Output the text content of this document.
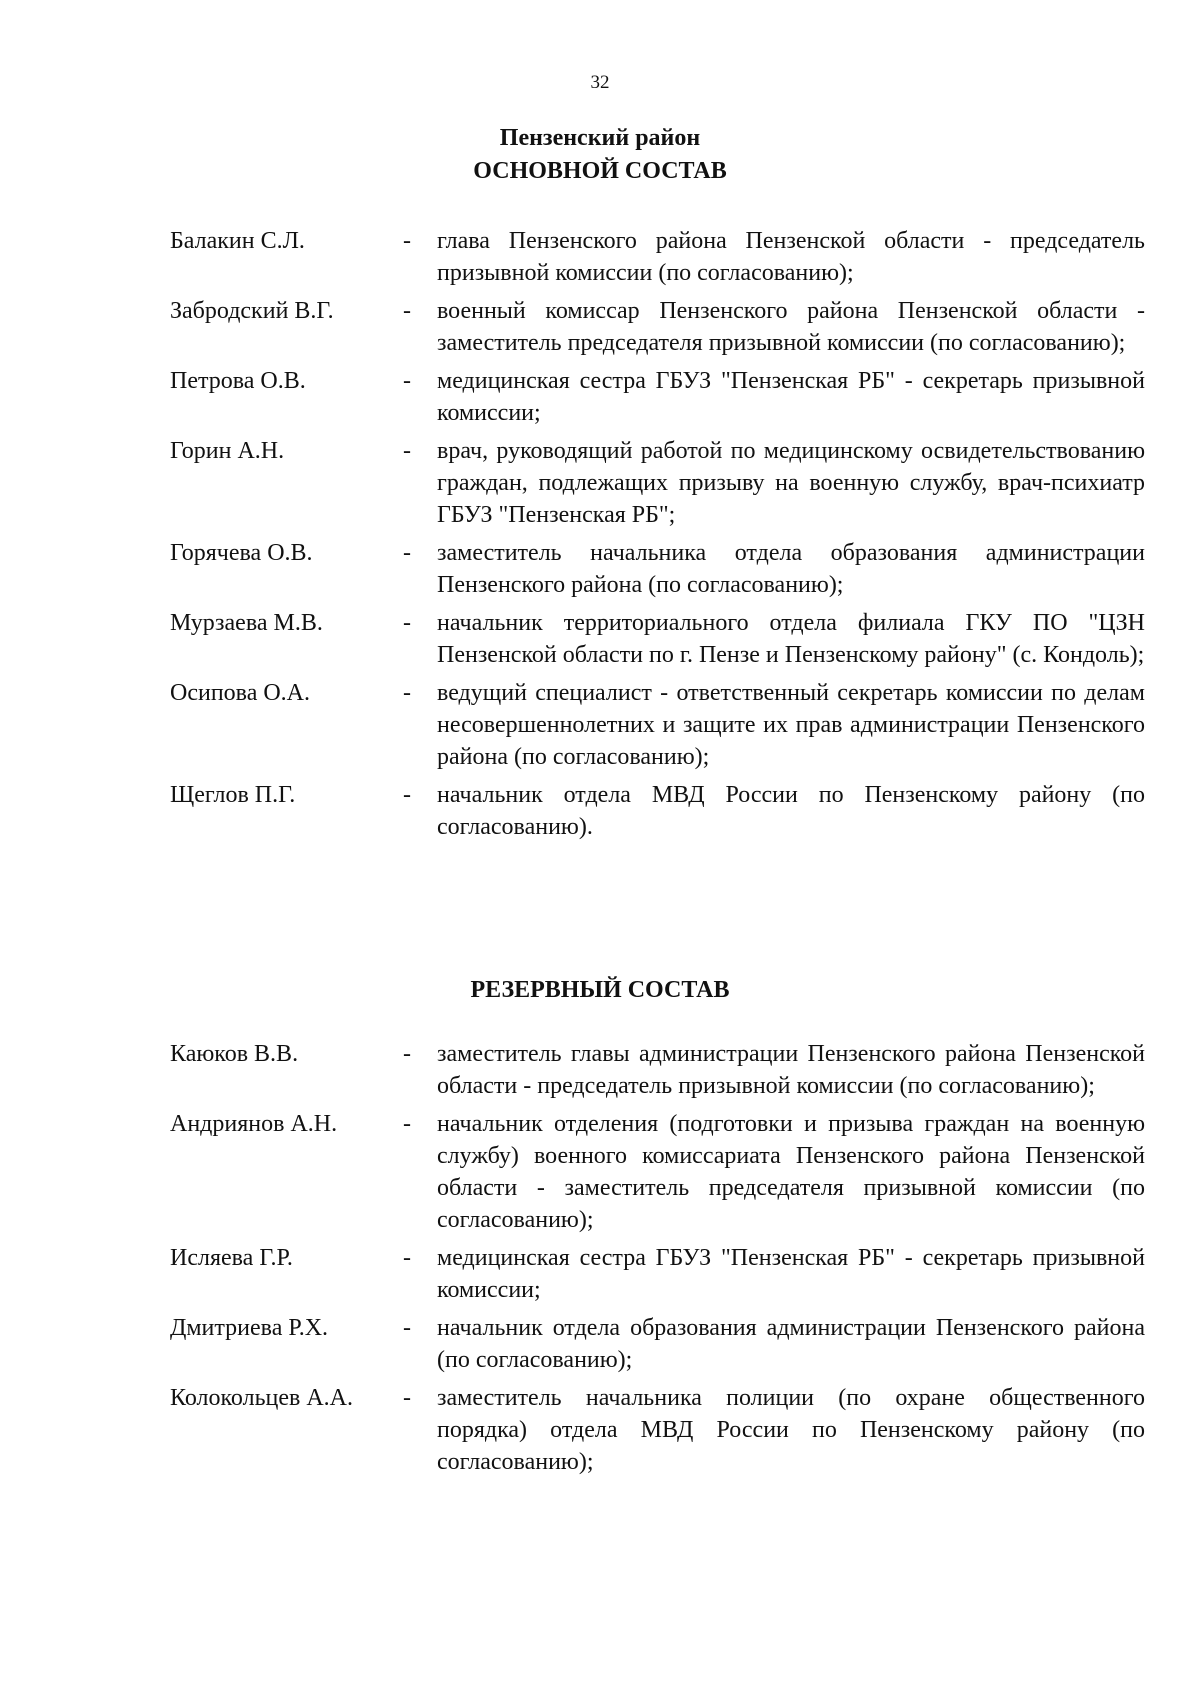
32
Пензенский район
ОСНОВНОЙ СОСТАВ
Балакин С.Л.	- глава Пензенского района Пензенской области - председатель призывной комиссии (по согласованию);
Забродский В.Г.	- военный комиссар Пензенского района Пензенской области - заместитель председателя призывной комиссии (по согласованию);
Петрова О.В.	- медицинская сестра ГБУЗ "Пензенская РБ" - секретарь призывной комиссии;
Горин А.Н.	- врач, руководящий работой по медицинскому освидетельствованию граждан, подлежащих призыву на военную службу, врач-психиатр ГБУЗ "Пензенская РБ";
Горячева О.В.	- заместитель начальника отдела образования администрации Пензенского района (по согласованию);
Мурзаева М.В.	- начальник территориального отдела филиала ГКУ ПО "ЦЗН Пензенской области по г. Пензе и Пензенскому району" (с. Кондоль);
Осипова О.А.	- ведущий специалист - ответственный секретарь комиссии по делам несовершеннолетних и защите их прав администрации Пензенского района (по согласованию);
Щеглов П.Г.	- начальник отдела МВД России по Пензенскому району (по согласованию).
РЕЗЕРВНЫЙ СОСТАВ
Каюков В.В.	- заместитель главы администрации Пензенского района Пензенской области - председатель призывной комиссии (по согласованию);
Андриянов А.Н.	- начальник отделения (подготовки и призыва граждан на военную службу) военного комиссариата Пензенского района Пензенской области - заместитель председателя призывной комиссии (по согласованию);
Исляева Г.Р.	- медицинская сестра ГБУЗ "Пензенская РБ" - секретарь призывной комиссии;
Дмитриева Р.Х.	- начальник отдела образования администрации Пензенского района (по согласованию);
Колокольцев А.А. - заместитель начальника полиции (по охране общественного порядка) отдела МВД России по Пензенскому району (по согласованию);
